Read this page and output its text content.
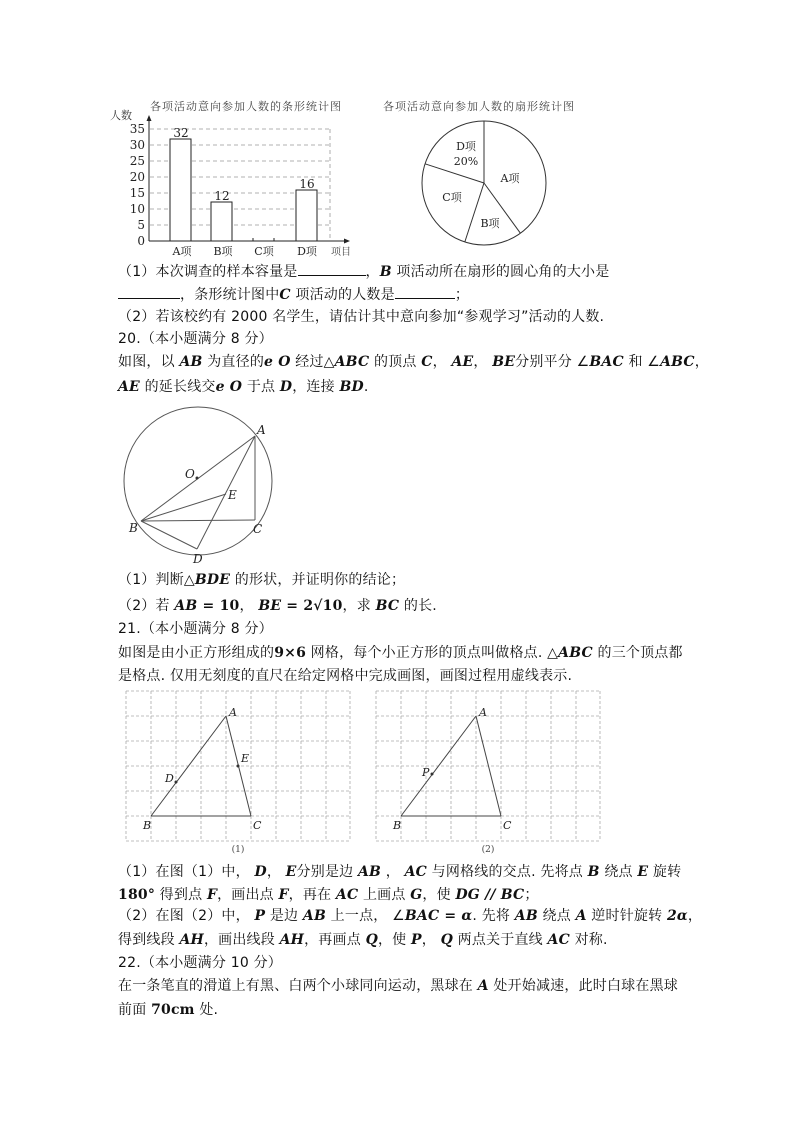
各项活动意向参加人数的条形统计图
0
5
10
15
20
25
30
35
人数
32
12
16
A项 B项 C项 D项 项目
各项活动意向参加人数的扇形统计图
A项
B项
C项
D项
20%
（1）本次调查的样本容量是	，B 项活动所在扇形的圆心角的大小是
，条形统计图中C 项活动的人数是	；
（2）若该校约有 2000 名学生，请估计其中意向参加“参观学习”活动的人数.
20.（本小题满分 8 分）
如图，以 AB 为直径的e O 经过△ABC 的顶点 C， AE， BE分别平分 ∠BAC 和 ∠ABC，
AE 的延长线交e O 于点 D，连接 BD.
A
O
E
B	C
D
（1）判断△BDE 的形状，并证明你的结论；
（2）若 AB = 10， BE = 2√10，求 BC 的长.
21.（本小题满分 8 分）
如图是由小正方形组成的9×6 网格，每个小正方形的顶点叫做格点. △ABC 的三个顶点都
是格点. 仅用无刻度的直尺在给定网格中完成画图，画图过程用虚线表示.
A
D
E
B	C
(1)
A
P
B	C
(2)
（1）在图（1）中， D， E分别是边 AB ， AC 与网格线的交点. 先将点 B 绕点 E 旋转
180° 得到点 F，画出点 F，再在 AC 上画点 G，使 DG // BC；
（2）在图（2）中， P 是边 AB 上一点， ∠BAC = α. 先将 AB 绕点 A 逆时针旋转 2α，
得到线段 AH，画出线段 AH，再画点 Q，使 P， Q 两点关于直线 AC 对称.
22.（本小题满分 10 分）
在一条笔直的滑道上有黑、白两个小球同向运动，黑球在 A 处开始减速，此时白球在黑球
前面 70cm 处.
